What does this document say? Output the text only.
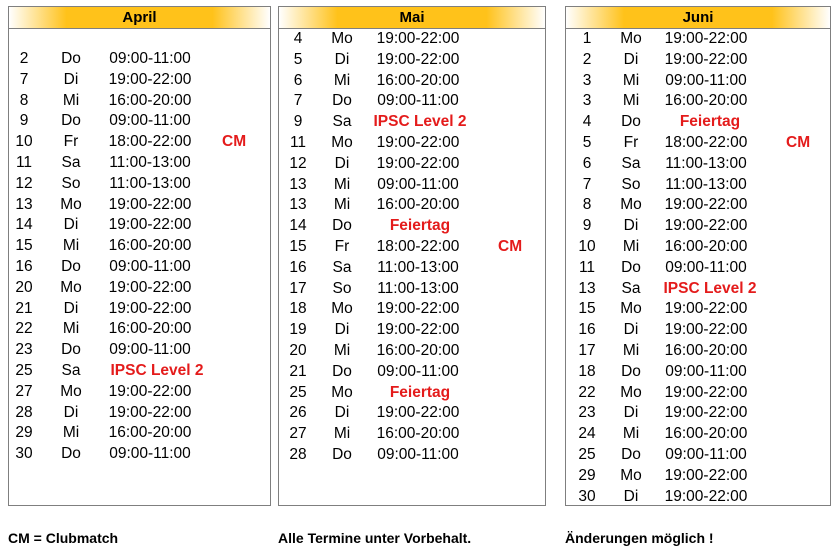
April
2	Do	09:00-11:00
7	Di	19:00-22:00
8	Mi	16:00-20:00
9	Do	09:00-11:00
10	Fr	18:00-22:00	CM
11	Sa	11:00-13:00
12	So	11:00-13:00
13	Mo	19:00-22:00
14	Di	19:00-22:00
15	Mi	16:00-20:00
16	Do	09:00-11:00
20	Mo	19:00-22:00
21	Di	19:00-22:00
22	Mi	16:00-20:00
23	Do	09:00-11:00
25	Sa	IPSC Level 2
27	Mo	19:00-22:00
28	Di	19:00-22:00
29	Mi	16:00-20:00
30	Do	09:00-11:00
Mai
4	Mo	19:00-22:00
5	Di	19:00-22:00
6	Mi	16:00-20:00
7	Do	09:00-11:00
9	Sa	IPSC Level 2
11	Mo	19:00-22:00
12	Di	19:00-22:00
13	Mi	09:00-11:00
13	Mi	16:00-20:00
14	Do	Feiertag
15	Fr	18:00-22:00	CM
16	Sa	11:00-13:00
17	So	11:00-13:00
18	Mo	19:00-22:00
19	Di	19:00-22:00
20	Mi	16:00-20:00
21	Do	09:00-11:00
25	Mo	Feiertag
26	Di	19:00-22:00
27	Mi	16:00-20:00
28	Do	09:00-11:00
Juni
1	Mo	19:00-22:00
2	Di	19:00-22:00
3	Mi	09:00-11:00
3	Mi	16:00-20:00
4	Do	Feiertag
5	Fr	18:00-22:00	CM
6	Sa	11:00-13:00
7	So	11:00-13:00
8	Mo	19:00-22:00
9	Di	19:00-22:00
10	Mi	16:00-20:00
11	Do	09:00-11:00
13	Sa	IPSC Level 2
15	Mo	19:00-22:00
16	Di	19:00-22:00
17	Mi	16:00-20:00
18	Do	09:00-11:00
22	Mo	19:00-22:00
23	Di	19:00-22:00
24	Mi	16:00-20:00
25	Do	09:00-11:00
29	Mo	19:00-22:00
30	Di	19:00-22:00
CM = Clubmatch	Alle Termine unter Vorbehalt.	Änderungen möglich !
